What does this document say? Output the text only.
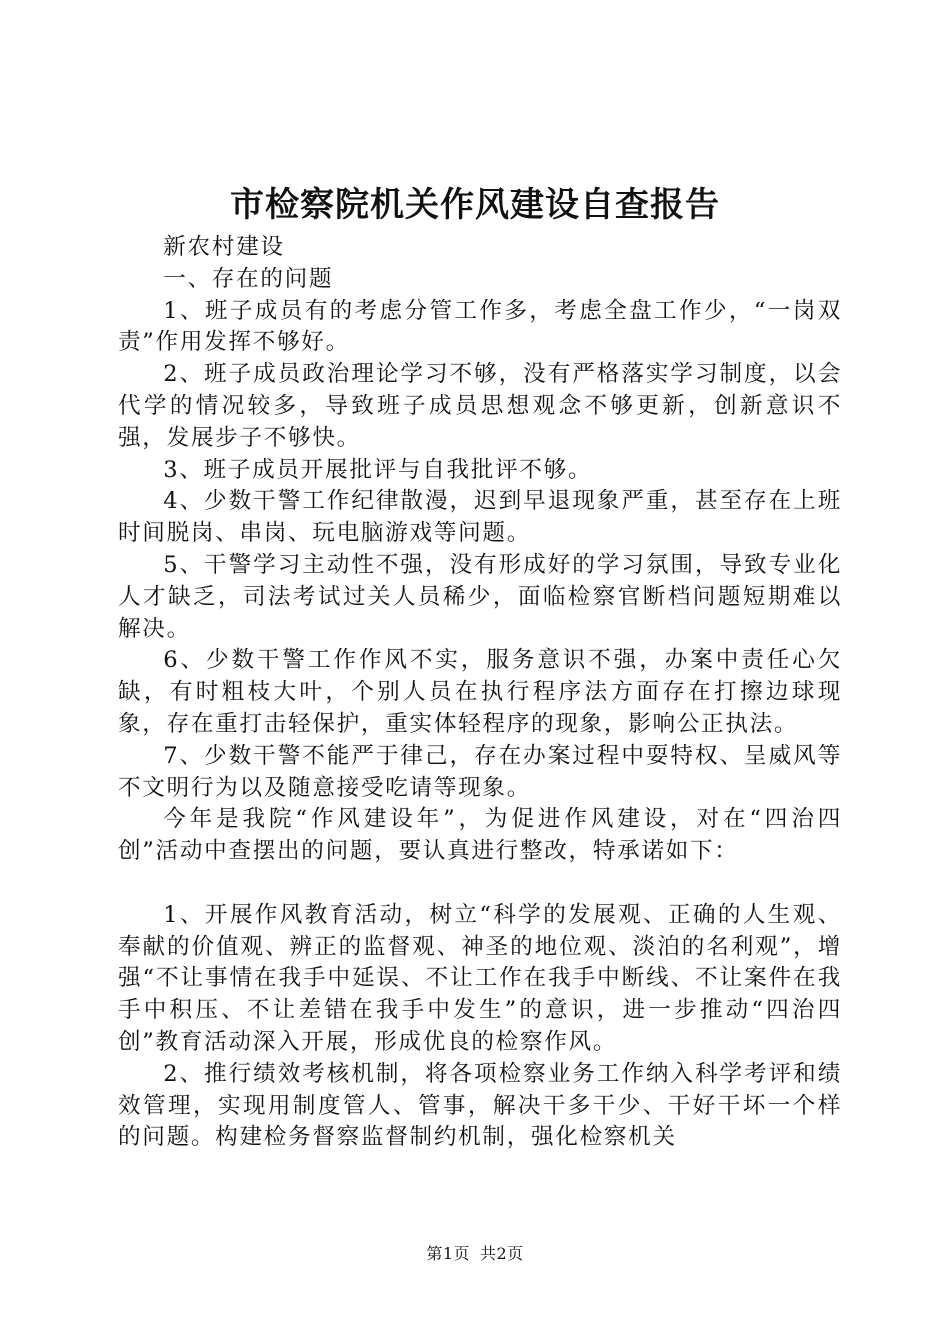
市检察院机关作风建设自查报告

新农村建设

一、存在的问题

1、班子成员有的考虑分管工作多，考虑全盘工作少，“一岗双责”作用发挥不够好。

2、班子成员政治理论学习不够，没有严格落实学习制度，以会代学的情况较多，导致班子成员思想观念不够更新，创新意识不强，发展步子不够快。

3、班子成员开展批评与自我批评不够。

4、少数干警工作纪律散漫，迟到早退现象严重，甚至存在上班时间脱岗、串岗、玩电脑游戏等问题。

5、干警学习主动性不强，没有形成好的学习氛围，导致专业化人才缺乏，司法考试过关人员稀少，面临检察官断档问题短期难以解决。

6、少数干警工作作风不实，服务意识不强，办案中责任心欠缺，有时粗枝大叶，个别人员在执行程序法方面存在打擦边球现象，存在重打击轻保护，重实体轻程序的现象，影响公正执法。

7、少数干警不能严于律己，存在办案过程中耍特权、呈威风等不文明行为以及随意接受吃请等现象。

今年是我院“作风建设年”，为促进作风建设，对在“四治四创”活动中查摆出的问题，要认真进行整改，特承诺如下：

1、开展作风教育活动，树立“科学的发展观、正确的人生观、奉献的价值观、辨正的监督观、神圣的地位观、淡泊的名利观”，增强“不让事情在我手中延误、不让工作在我手中断线、不让案件在我手中积压、不让差错在我手中发生”的意识，进一步推动“四治四创”教育活动深入开展，形成优良的检察作风。

2、推行绩效考核机制，将各项检察业务工作纳入科学考评和绩效管理，实现用制度管人、管事，解决干多干少、干好干坏一个样的问题。构建检务督察监督制约机制，强化检察机关

第1页 共2页
